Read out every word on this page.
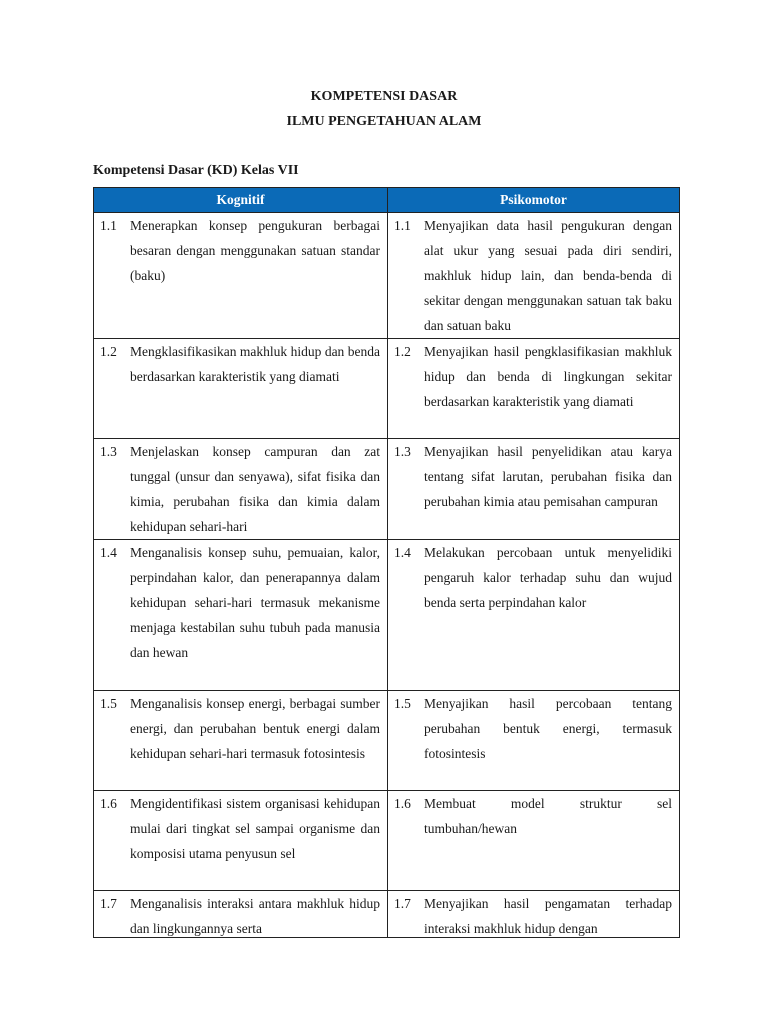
KOMPETENSI DASAR
ILMU PENGETAHUAN ALAM
Kompetensi Dasar (KD) Kelas VII
Kognitif	Psikomotor

1.1 Menerapkan konsep pengukuran berbagai besaran dengan menggunakan satuan standar (baku)	1.1 Menyajikan data hasil pengukuran dengan alat ukur yang sesuai pada diri sendiri, makhluk hidup lain, dan benda-benda di sekitar dengan menggunakan satuan tak baku dan satuan baku

1.2 Mengklasifikasikan makhluk hidup dan benda berdasarkan karakteristik yang diamati	1.2 Menyajikan hasil pengklasifikasian makhluk hidup dan benda di lingkungan sekitar berdasarkan karakteristik yang diamati

1.3 Menjelaskan konsep campuran dan zat tunggal (unsur dan senyawa), sifat fisika dan kimia, perubahan fisika dan kimia dalam kehidupan sehari-hari	1.3 Menyajikan hasil penyelidikan atau karya tentang sifat larutan, perubahan fisika dan perubahan kimia atau pemisahan campuran

1.4 Menganalisis konsep suhu, pemuaian, kalor, perpindahan kalor, dan penerapannya dalam kehidupan sehari-hari termasuk mekanisme menjaga kestabilan suhu tubuh pada manusia dan hewan	1.4 Melakukan percobaan untuk menyelidiki pengaruh kalor terhadap suhu dan wujud benda serta perpindahan kalor

1.5 Menganalisis konsep energi, berbagai sumber energi, dan perubahan bentuk energi dalam kehidupan sehari-hari termasuk fotosintesis	1.5 Menyajikan hasil percobaan tentang perubahan bentuk energi, termasuk fotosintesis

1.6 Mengidentifikasi sistem organisasi kehidupan mulai dari tingkat sel sampai organisme dan komposisi utama penyusun sel	1.6 Membuat model struktur sel tumbuhan/hewan

1.7 Menganalisis interaksi antara makhluk hidup dan lingkungannya serta	1.7 Menyajikan hasil pengamatan terhadap interaksi makhluk hidup dengan
